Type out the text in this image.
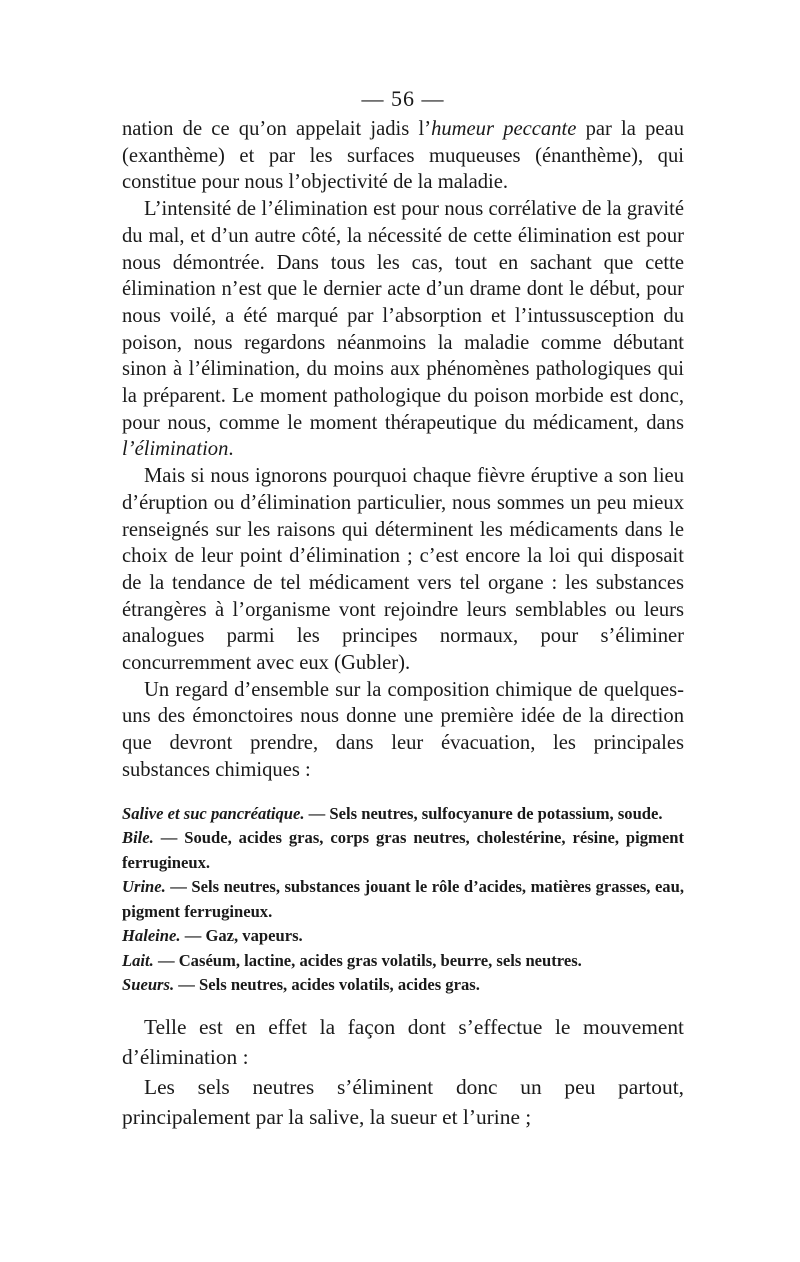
— 56 —

nation de ce qu’on appelait jadis l’humeur peccante par la peau (exanthème) et par les surfaces muqueuses (énanthème), qui constitue pour nous l’objectivité de la maladie.

L’intensité de l’élimination est pour nous corrélative de la gravité du mal, et d’un autre côté, la nécessité de cette élimination est pour nous démontrée. Dans tous les cas, tout en sachant que cette élimination n’est que le dernier acte d’un drame dont le début, pour nous voilé, a été marqué par l’absorption et l’intussusception du poison, nous regardons néanmoins la maladie comme débutant sinon à l’élimination, du moins aux phénomènes pathologiques qui la préparent. Le moment pathologique du poison morbide est donc, pour nous, comme le moment thérapeutique du médicament, dans l’élimination.

Mais si nous ignorons pourquoi chaque fièvre éruptive a son lieu d’éruption ou d’élimination particulier, nous sommes un peu mieux renseignés sur les raisons qui déterminent les médicaments dans le choix de leur point d’élimination ; c’est encore la loi qui disposait de la tendance de tel médicament vers tel organe : les substances étrangères à l’organisme vont rejoindre leurs semblables ou leurs analogues parmi les principes normaux, pour s’éliminer concurremment avec eux (Gubler).

Un regard d’ensemble sur la composition chimique de quelques-uns des émonctoires nous donne une première idée de la direction que devront prendre, dans leur évacuation, les principales substances chimiques :

Salive et suc pancréatique. — Sels neutres, sulfocyanure de potassium, soude.
Bile. — Soude, acides gras, corps gras neutres, cholestérine, résine, pigment ferrugineux.
Urine. — Sels neutres, substances jouant le rôle d’acides, matières grasses, eau, pigment ferrugineux.
Haleine. — Gaz, vapeurs.
Lait. — Caséum, lactine, acides gras volatils, beurre, sels neutres.
Sueurs. — Sels neutres, acides volatils, acides gras.

Telle est en effet la façon dont s’effectue le mouvement d’élimination :

Les sels neutres s’éliminent donc un peu partout, principalement par la salive, la sueur et l’urine ;
